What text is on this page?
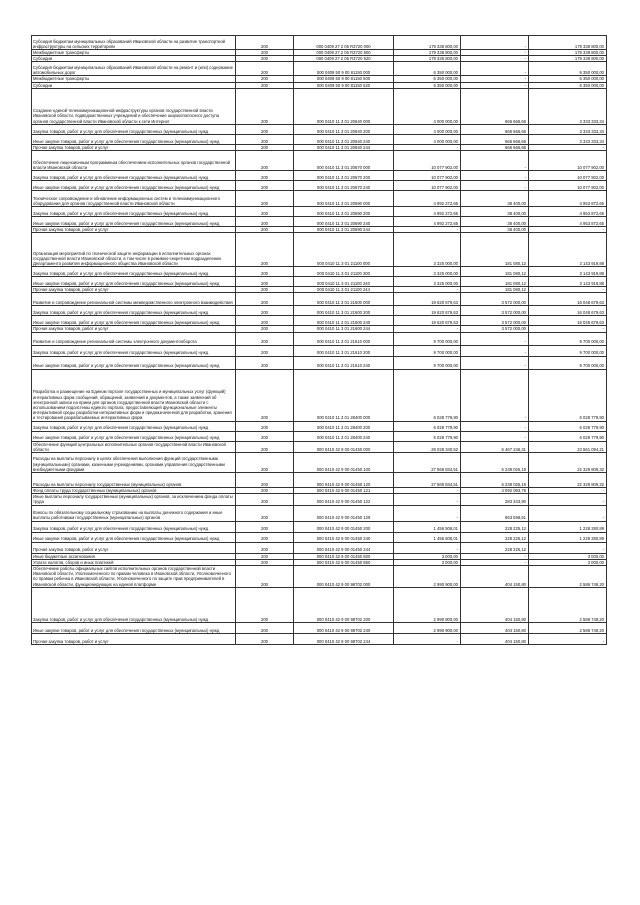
Субсидия бюджетам муниципальных образований Ивановской области на развитие транспортной инфраструктуры на сельских территориях	200	000 0409 27 2 05 R3720 000	179 338 800,00	-	179 338 800,00
Межбюджетные трансферты	200	000 0409 27 2 05 R3720 500	179 338 800,00	-	179 338 800,00
Субсидии	200	000 0409 27 2 05 R3720 520	179 338 800,00	-	179 338 800,00
Субсидия бюджетам муниципальных образований Ивановской области на ремонт и (или) содержание автомобильных дорог	200	000 0409 50 9 00 81150 000	6 350 000,00	-	6 350 000,00
Межбюджетные трансферты	200	000 0409 50 9 00 81150 500	6 350 000,00	-	6 350 000,00
Субсидии	200	000 0409 50 9 00 81150 520	6 350 000,00	-	6 350 000,00
Создание единой телекоммуникационной инфраструктуры органов государственной власти Ивановской области, подведомственных учреждений и обеспечение широкополосного доступа органов государственной власти Ивановской области к сети Интернет	200	000 0410 11 3 01 20640 000	4 000 000,00	666 666,66	3 333 333,34
Закупка товаров, работ и услуг для обеспечения государственных (муниципальных) нужд	200	000 0410 11 3 01 20640 200	4 000 000,00	666 666,66	3 333 333,34
Иные закупки товаров, работ и услуг для обеспечения государственных (муниципальных) нужд	200	000 0410 11 3 01 20640 240	4 000 000,00	666 666,66	3 333 333,34
Прочая закупка товаров, работ и услуг	200	000 0410 11 3 01 20640 244	-	666 666,66	-
Обеспечение лицензионным программным обеспечением исполнительных органов государственной власти Ивановской области	200	000 0410 11 3 01 20670 000	10 077 902,00	-	10 077 902,00
Закупка товаров, работ и услуг для обеспечения государственных (муниципальных) нужд	200	000 0410 11 3 01 20670 200	10 077 902,00	-	10 077 902,00
Иные закупки товаров, работ и услуг для обеспечения государственных (муниципальных) нужд	200	000 0410 11 3 01 20670 240	10 077 902,00	-	10 077 902,00
Техническое сопровождение и обновление информационных систем и телекоммуникационного оборудования для органов государственной власти Ивановской области	200	000 0410 11 3 01 20690 000	4 992 272,65	38 400,00	4 953 872,65
Закупка товаров, работ и услуг для обеспечения государственных (муниципальных) нужд	200	000 0410 11 3 01 20690 200	4 992 272,65	38 400,00	4 953 872,65
Иные закупки товаров, работ и услуг для обеспечения государственных (муниципальных) нужд	200	000 0410 11 3 01 20690 240	4 992 272,65	38 400,00	4 953 872,65
Прочая закупка товаров, работ и услуг	200	000 0410 11 3 01 20690 244	-	38 400,00	-
Организация мероприятий по технической защите информации в исполнительных органах государственной власти Ивановской области, в том числе в режимно-секретном подразделении Департамента развития информационного общества Ивановской области	200	000 0410 11 3 01 21100 000	3 325 000,00	181 080,12	3 143 919,88
Закупка товаров, работ и услуг для обеспечения государственных (муниципальных) нужд	200	000 0410 11 3 01 21100 200	3 325 000,00	181 080,12	3 143 919,88
Иные закупки товаров, работ и услуг для обеспечения государственных (муниципальных) нужд	200	000 0410 11 3 01 21100 240	3 325 000,00	181 080,12	3 143 919,88
Прочая закупка товаров, работ и услуг	200	000 0410 11 3 01 21100 244	-	181 080,12	-
Развитие и сопровождение региональной системы межведомственного электронного взаимодействия	200	000 0410 11 3 01 21600 000	19 620 679,63	3 572 000,00	16 048 679,63
Закупка товаров, работ и услуг для обеспечения государственных (муниципальных) нужд	200	000 0410 11 3 01 21600 200	19 620 679,63	3 572 000,00	16 048 679,63
Иные закупки товаров, работ и услуг для обеспечения государственных (муниципальных) нужд	200	000 0410 11 3 01 21600 240	19 620 679,63	3 572 000,00	16 048 679,63
Прочая закупка товаров, работ и услуг	200	000 0410 11 3 01 21600 244	-	3 572 000,00	-
Развитие и сопровождение региональной системы электронного документооборота	200	000 0410 11 3 01 21610 000	9 700 000,00	-	9 700 000,00
Закупка товаров, работ и услуг для обеспечения государственных (муниципальных) нужд	200	000 0410 11 3 01 21610 200	9 700 000,00	-	9 700 000,00
Иные закупки товаров, работ и услуг для обеспечения государственных (муниципальных) нужд	200	000 0410 11 3 01 21610 240	9 700 000,00	-	9 700 000,00
Разработка и размещение на Едином портале государственных и муниципальных услуг (функций) интерактивных форм сообщений, обращений, заявлений и документов, а также заявлений об электронной записи на прием для органов государственной власти Ивановской области с использованием подсистемы единого портала, предоставляющей функциональные элементы интерактивной среды разработки интерактивных форм и предназначенной для разработки, хранения и тестирования разрабатываемых интерактивных форм	200	000 0410 11 3 01 28400 000	6 028 779,90	-	6 028 779,90
Закупка товаров, работ и услуг для обеспечения государственных (муниципальных) нужд	200	000 0410 11 3 01 28400 200	6 028 779,90	-	6 028 779,90
Иные закупки товаров, работ и услуг для обеспечения государственных (муниципальных) нужд	200	000 0410 11 3 01 28400 240	6 028 779,90	-	6 028 779,90
Обеспечение функций центральных исполнительных органов государственной власти Ивановской области	200	000 0410 42 9 00 01450 000	29 028 340,52	5 467 246,31	23 561 094,21
Расходы на выплаты персоналу в целях обеспечения выполнения функций государственными (муниципальными) органами, казенными учреждениями, органами управления государственными внебюджетными фондами	200	000 0410 42 9 00 01450 100	27 568 834,51	5 239 025,19	22 329 809,32
Расходы на выплаты персоналу государственных (муниципальных) органов	200	000 0410 42 9 00 01450 120	27 568 834,51	5 239 025,19	22 329 809,32
Фонд оплаты труда государственных (муниципальных) органов	200	000 0410 42 9 00 01450 121	-	4 092 083,78	-
Иные выплаты персоналу государственных (муниципальных) органов, за исключением фонда оплаты труда	200	000 0410 42 9 00 01450 122	-	283 343,90	-
Взносы по обязательному социальному страхованию на выплаты денежного содержания и иные выплаты работникам государственных (муниципальных) органов	200	000 0410 42 9 00 01450 129	-	863 598,51	-
Закупка товаров, работ и услуг для обеспечения государственных (муниципальных) нужд	200	000 0410 42 9 00 01450 200	1 456 506,01	228 225,12	1 228 280,89
Иные закупки товаров, работ и услуг для обеспечения государственных (муниципальных) нужд	200	000 0410 42 9 00 01450 240	1 456 506,01	228 225,12	1 228 280,89
Прочая закупка товаров, работ и услуг	200	000 0410 42 9 00 01450 244	-	228 225,12	-
Иные бюджетные ассигнования	200	000 0410 42 9 00 01450 800	3 000,00	-	3 000,00
Уплата налогов, сборов и иных платежей	200	000 0410 42 9 00 01450 850	3 000,00	-	3 000,00
Обеспечение работы официальных сайтов исполнительных органов государственной власти Ивановской области, Уполномоченного по правам человека в Ивановской области, Уполномоченного по правам ребенка в Ивановской области, Уполномоченного по защите прав предпринимателей в Ивановской области, функционирующих на единой платформе	200	000 0410 42 9 00 98702 000	2 990 900,00	404 150,80	2 586 749,20
Закупка товаров, работ и услуг для обеспечения государственных (муниципальных) нужд	200	000 0410 42 9 00 98702 200	2 990 900,00	404 150,80	2 586 749,20
Иные закупки товаров, работ и услуг для обеспечения государственных (муниципальных) нужд	200	000 0410 42 9 00 98702 240	2 990 900,00	404 150,80	2 586 749,20
Прочая закупка товаров, работ и услуг	200	000 0410 42 9 00 98702 244	-	404 150,80	-
